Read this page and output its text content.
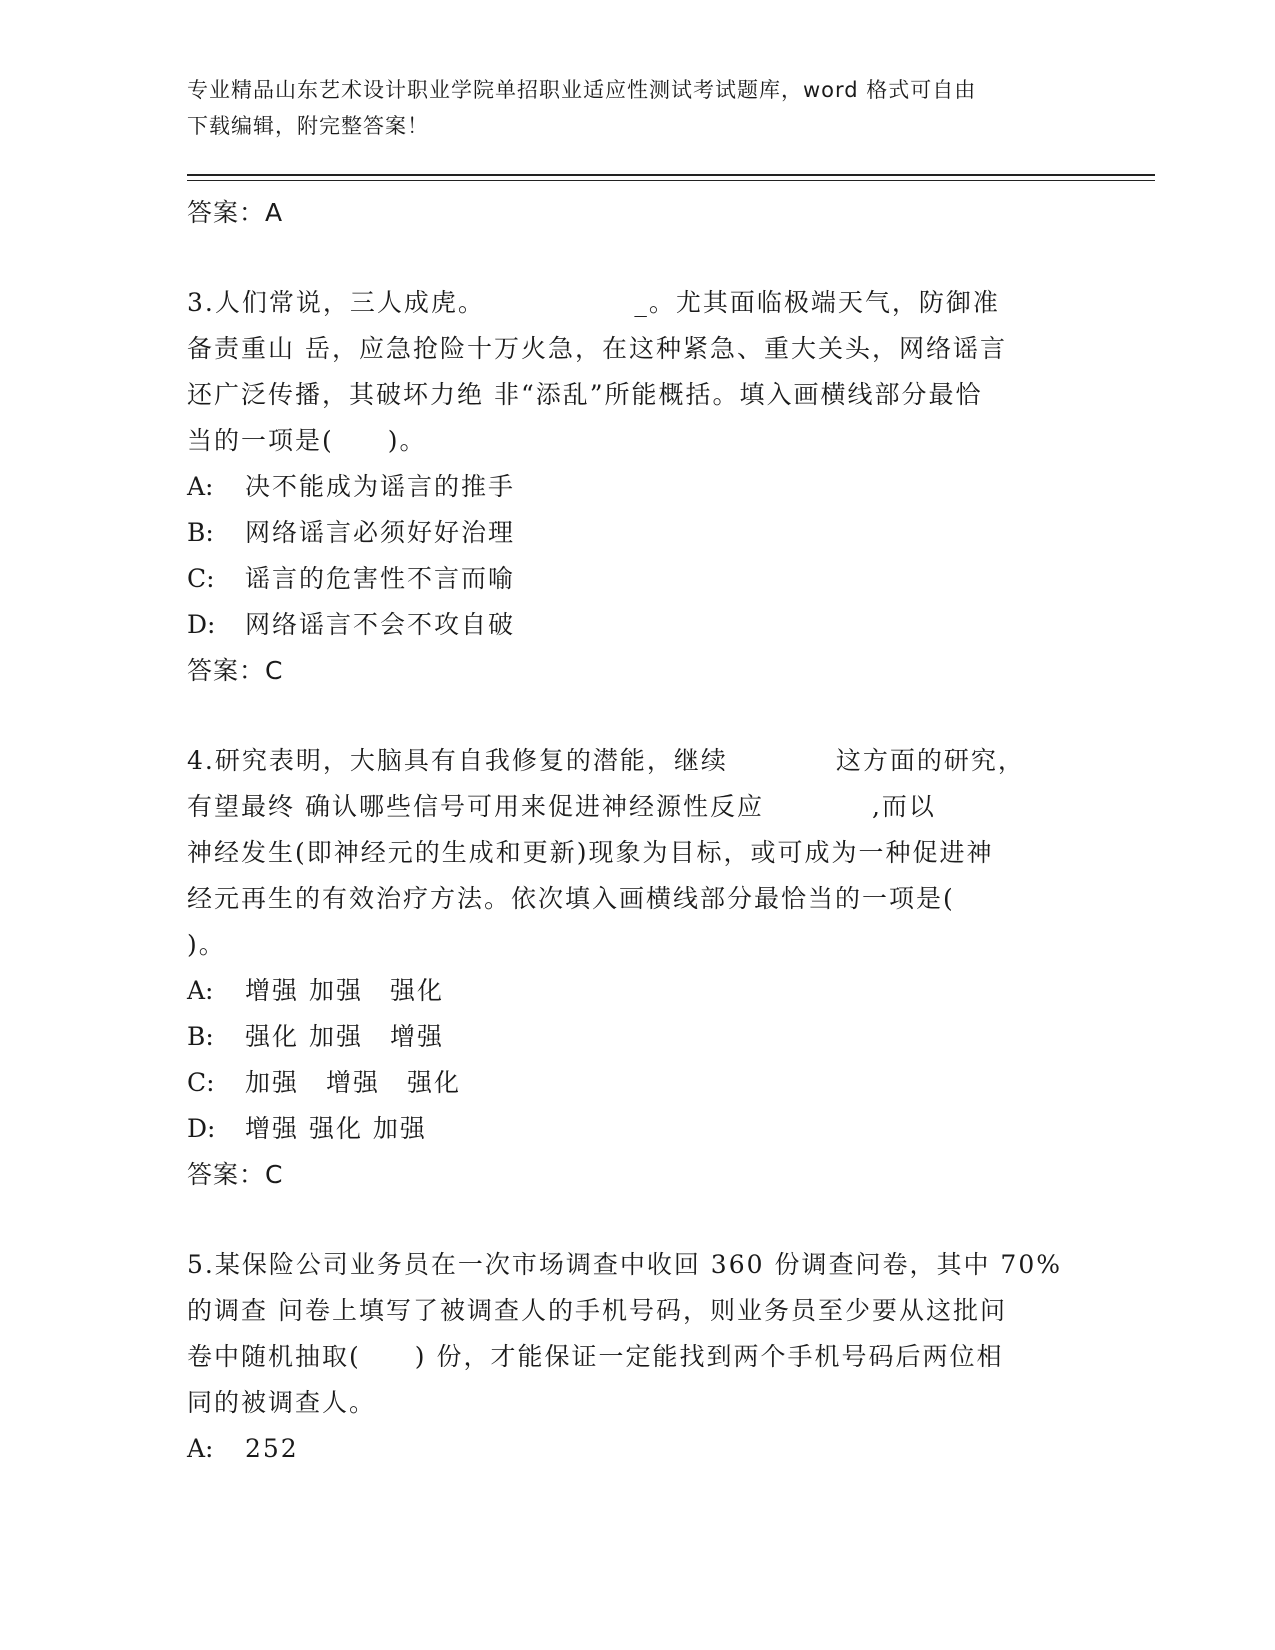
专业精品山东艺术设计职业学院单招职业适应性测试考试题库，word 格式可自由
下载编辑，附完整答案！
答案：A
3.人们常说，三人成虎。　　　　　　_。尤其面临极端天气，防御准
备责重山 岳，应急抢险十万火急，在这种紧急、重大关头，网络谣言
还广泛传播，其破坏力绝 非“添乱”所能概括。填入画横线部分最恰
当的一项是(　　)。
A: 决不能成为谣言的推手
B: 网络谣言必须好好治理
C: 谣言的危害性不言而喻
D: 网络谣言不会不攻自破
答案：C
4.研究表明，大脑具有自我修复的潜能，继续　　　　这方面的研究，
有望最终 确认哪些信号可用来促进神经源性反应　　　　,而以
神经发生(即神经元的生成和更新)现象为目标，或可成为一种促进神
经元再生的有效治疗方法。依次填入画横线部分最恰当的一项是(
)。
A: 增强 加强　强化
B: 强化 加强　增强
C: 加强　增强　强化
D: 增强 强化 加强
答案：C
5.某保险公司业务员在一次市场调查中收回 360 份调查问卷，其中 70%
的调查 问卷上填写了被调查人的手机号码，则业务员至少要从这批问
卷中随机抽取(　　) 份，才能保证一定能找到两个手机号码后两位相
同的被调查人。
A: 252
